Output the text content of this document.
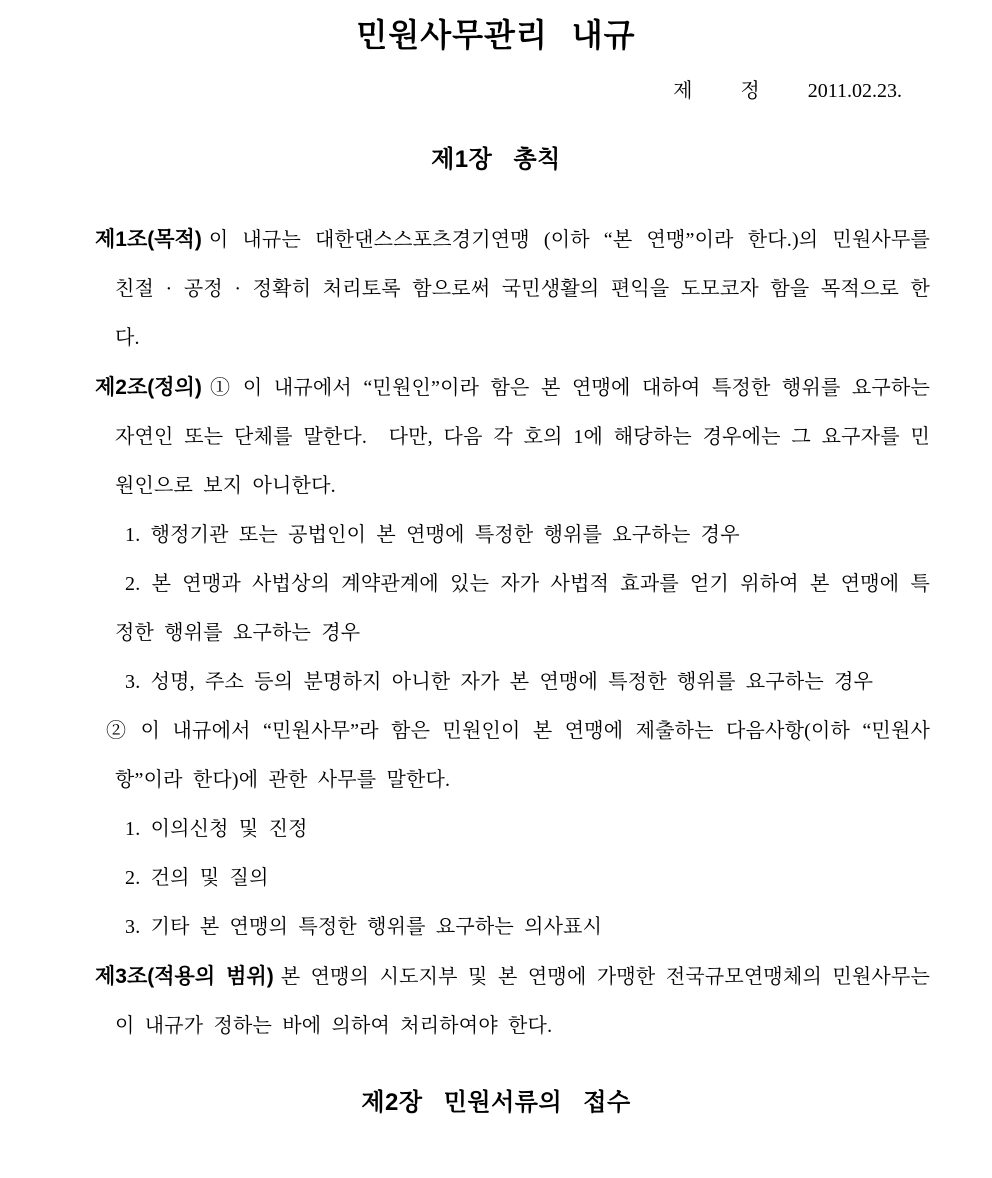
민원사무관리 내규
제 정 2011.02.23.
제1장 총칙

제1조(목적) 이 내규는 대한댄스스포츠경기연맹 (이하 “본 연맹”이라 한다.)의 민원사무를 친절 · 공정 · 정확히 처리토록 함으로써 국민생활의 편익을 도모코자 함을 목적으로 한다.

제2조(정의) ① 이 내규에서 “민원인”이라 함은 본 연맹에 대하여 특정한 행위를 요구하는 자연인 또는 단체를 말한다.  다만, 다음 각 호의 1에 해당하는 경우에는 그 요구자를 민원인으로 보지 아니한다.

1. 행정기관 또는 공법인이 본 연맹에 특정한 행위를 요구하는 경우

2. 본 연맹과 사법상의 계약관계에 있는 자가 사법적 효과를 얻기 위하여 본 연맹에 특정한 행위를 요구하는 경우

3. 성명, 주소 등의 분명하지 아니한 자가 본 연맹에 특정한 행위를 요구하는 경우

② 이 내규에서 “민원사무”라 함은 민원인이 본 연맹에 제출하는 다음사항(이하 “민원사항”이라 한다)에 관한 사무를 말한다.

1. 이의신청 및 진정

2. 건의 및 질의

3. 기타 본 연맹의 특정한 행위를 요구하는 의사표시

제3조(적용의 범위) 본 연맹의 시도지부 및 본 연맹에 가맹한 전국규모연맹체의 민원사무는 이 내규가 정하는 바에 의하여 처리하여야 한다.

제2장 민원서류의 접수
